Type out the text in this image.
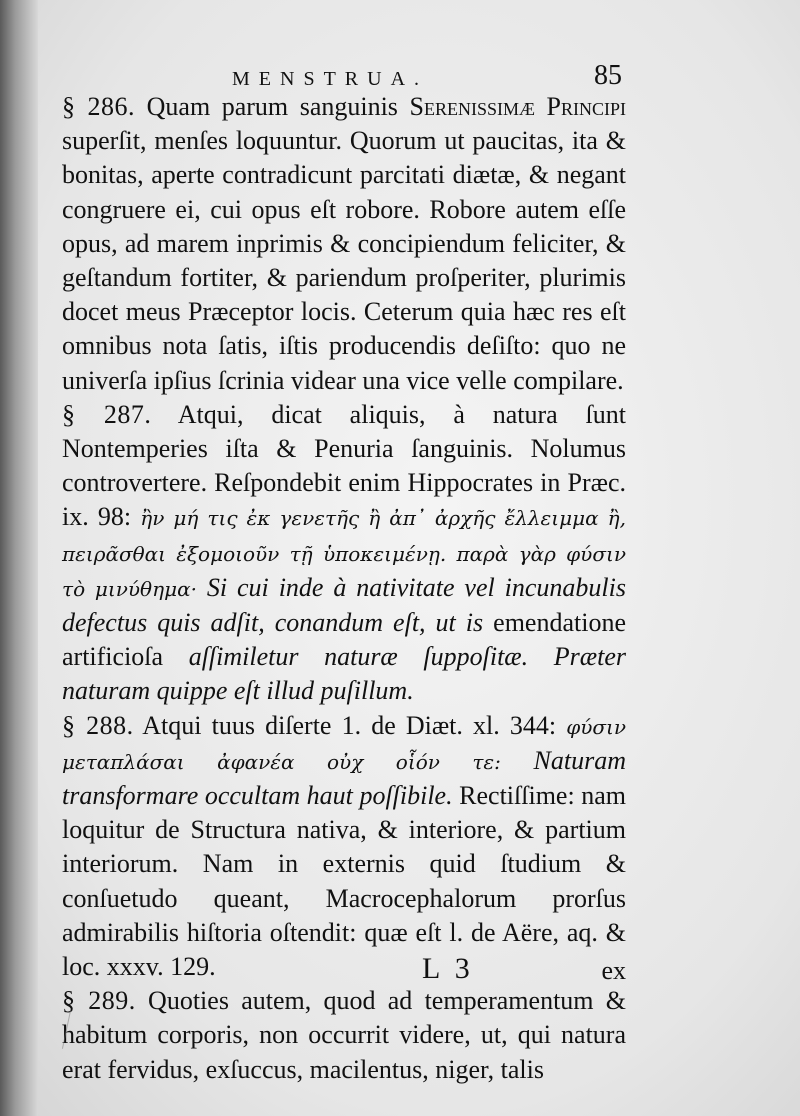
MENSTRUA.	85

§ 286. Quam parum sanguinis Serenissimæ Principi superſit, menſes loquuntur. Quorum ut paucitas, ita & bonitas, aperte contradicunt parcitati diætæ, & negant congruere ei, cui opus eſt robore. Robore autem eſſe opus, ad marem inprimis & concipiendum feliciter, & geſtandum fortiter, & pariendum proſperiter, plurimis docet meus Præceptor locis. Ceterum quia hæc res eſt omnibus nota ſatis, iſtis producendis deſiſto: quo ne univerſa ipſius ſcrinia videar una vice velle compilare.

§ 287. Atqui, dicat aliquis, à natura ſunt Nontemperies iſta & Penuria ſanguinis. Nolumus controvertere. Reſpondebit enim Hippocrates in Præc. ix. 98: ἢν μή τις ἐκ γενετῆς ἢ ἀπ᾽ ἀρχῆς ἔλλειμμα ἢ, πειρᾶσθαι ἐξομοιοῦν τῇ ὑποκειμένῃ. παρὰ γὰρ φύσιν τὸ μινύθημα· Si cui inde à nativitate vel incunabulis defectus quis adſit, conandum eſt, ut is emendatione artificioſa aſſimiletur naturæ ſuppoſitæ. Præter naturam quippe eſt illud puſillum.

§ 288. Atqui tuus diſerte 1. de Diæt. xl. 344: φύσιν μεταπλάσαι ἀφανέα οὐχ οἷόν τε: Naturam transformare occultam haut poſſibile. Rectiſſime: nam loquitur de Structura nativa, & interiore, & partium interiorum. Nam in externis quid ſtudium & conſuetudo queant, Macrocephalorum prorſus admirabilis hiſtoria oſtendit: quæ eſt l. de Aëre, aq. & loc. xxxv. 129.

§ 289. Quoties autem, quod ad temperamentum & habitum corporis, non occurrit videre, ut, qui natura erat fervidus, exſuccus, macilentus, niger, talis

L 3	ex
